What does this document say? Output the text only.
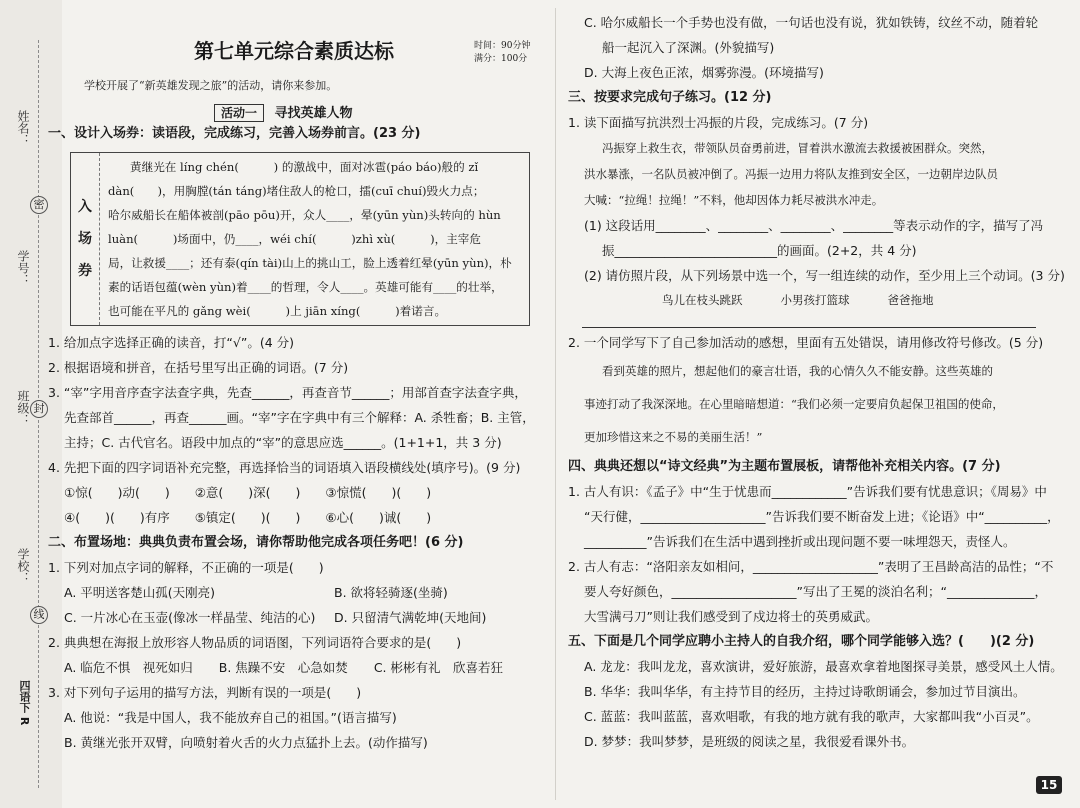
姓名：
学号：
班级：
学校：
密
封
线
四语下 R
第七单元综合素质达标	时间：90分钟
满分：100分
学校开展了“新英雄发现之旅”的活动，请你来参加。
活动一 寻找英雄人物
一、设计入场券：读语段，完成练习，完善入场券前言。(23 分)
入
场
券
黄继光在 líng chén(　　　) 的激战中，面对冰雹(páo báo)般的 zǐ
dàn(　　)，用胸膛(tán táng)堵住敌人的枪口，擂(cuī chuí)毁火力点；
哈尔威船长在船体被剖(pāo pōu)开，众人____，晕(yūn yùn)头转向的 hùn
luàn(　　　)场面中，仍____，wéi chí(　　　)zhì xù(　　　)，主宰危
局，让救援____；还有泰(qín tài)山上的挑山工，脸上透着红晕(yūn yùn)，朴
素的话语包蕴(wèn yùn)着____的哲理，令人____。英雄可能有____的壮举，
也可能在平凡的 gǎng wèi(　　　)上 jiān xíng(　　　)着诺言。
1. 给加点字选择正确的读音，打“√”。(4 分)
2. 根据语境和拼音，在括号里写出正确的词语。(7 分)
3. “宰”字用音序查字法查字典，先查______，再查音节______；用部首查字法查字典，
先查部首______，再查______画。“宰”字在字典中有三个解释：A. 杀牲畜；B. 主管，
主持；C. 古代官名。语段中加点的“宰”的意思应选______。(1+1+1，共 3 分)
4. 先把下面的四字词语补充完整，再选择恰当的词语填入语段横线处(填序号)。(9 分)
①惊(　　)动(　　)　　②意(　　)深(　　)　　③惊慌(　　)(　　)
④(　　)(　　)有序　　⑤镇定(　　)(　　)　　⑥心(　　)诚(　　)
二、布置场地：典典负责布置会场，请你帮助他完成各项任务吧！(6 分)
1. 下列对加点字词的解释，不正确的一项是(　　)
A. 平明送客楚山孤(天刚亮)	B. 欲将轻骑逐(坐骑)
C. 一片冰心在玉壶(像冰一样晶莹、纯洁的心)	D. 只留清气满乾坤(天地间)
2. 典典想在海报上放形容人物品质的词语图，下列词语符合要求的是(　　)
A. 临危不惧　视死如归 B. 焦躁不安　心急如焚 C. 彬彬有礼　欣喜若狂
3. 对下列句子运用的描写方法，判断有误的一项是(　　)
A. 他说：“我是中国人，我不能放弃自己的祖国。”(语言描写)
B. 黄继光张开双臂，向喷射着火舌的火力点猛扑上去。(动作描写)
C. 哈尔威船长一个手势也没有做，一句话也没有说，犹如铁铸，纹丝不动，随着轮
船一起沉入了深渊。(外貌描写)
D. 大海上夜色正浓，烟雾弥漫。(环境描写)
三、按要求完成句子练习。(12 分)
1. 读下面描写抗洪烈士冯振的片段，完成练习。(7 分)
冯振穿上救生衣，带领队员奋勇前进，冒着洪水激流去救援被困群众。突然，
洪水暴涨，一名队员被冲倒了。冯振一边用力将队友推到安全区，一边朝岸边队员
大喊：“拉绳！拉绳！”不料，他却因体力耗尽被洪水冲走。
(1) 这段话用________、________、________、________等表示动作的字，描写了冯
振__________________________的画面。(2+2，共 4 分)
(2) 请仿照片段，从下列场景中选一个，写一组连续的动作，至少用上三个动词。(3 分)
鸟儿在枝头跳跃	小男孩打篮球	爸爸拖地
2. 一个同学写下了自己参加活动的感想，里面有五处错误，请用修改符号修改。(5 分)
看到英雄的照片，想起他们的豪言壮语，我的心情久久不能安静。这些英雄的
事迹打动了我深深地。在心里暗暗想道：“我们必须一定要肩负起保卫祖国的使命，
更加珍惜这来之不易的美丽生活！”
四、典典还想以“诗文经典”为主题布置展板，请帮他补充相关内容。(7 分)
1. 古人有识：《孟子》中“生于忧患而____________”告诉我们要有忧患意识；《周易》中
“天行健，____________________”告诉我们要不断奋发上进；《论语》中“__________，
__________”告诉我们在生活中遇到挫折或出现问题不要一味埋怨天，责怪人。
2. 古人有志：“洛阳亲友如相问，____________________”表明了王昌龄高洁的品性；“不
要人夸好颜色，____________________”写出了王冕的淡泊名利；“______________，
大雪满弓刀”则让我们感受到了戍边将士的英勇威武。
五、下面是几个同学应聘小主持人的自我介绍，哪个同学能够入选？(　　)(2 分)
A. 龙龙：我叫龙龙，喜欢演讲，爱好旅游，最喜欢拿着地图探寻美景，感受风土人情。
B. 华华：我叫华华，有主持节目的经历，主持过诗歌朗诵会，参加过节目演出。
C. 蓝蓝：我叫蓝蓝，喜欢唱歌，有我的地方就有我的歌声，大家都叫我“小百灵”。
D. 梦梦：我叫梦梦，是班级的阅读之星，我很爱看课外书。
15
